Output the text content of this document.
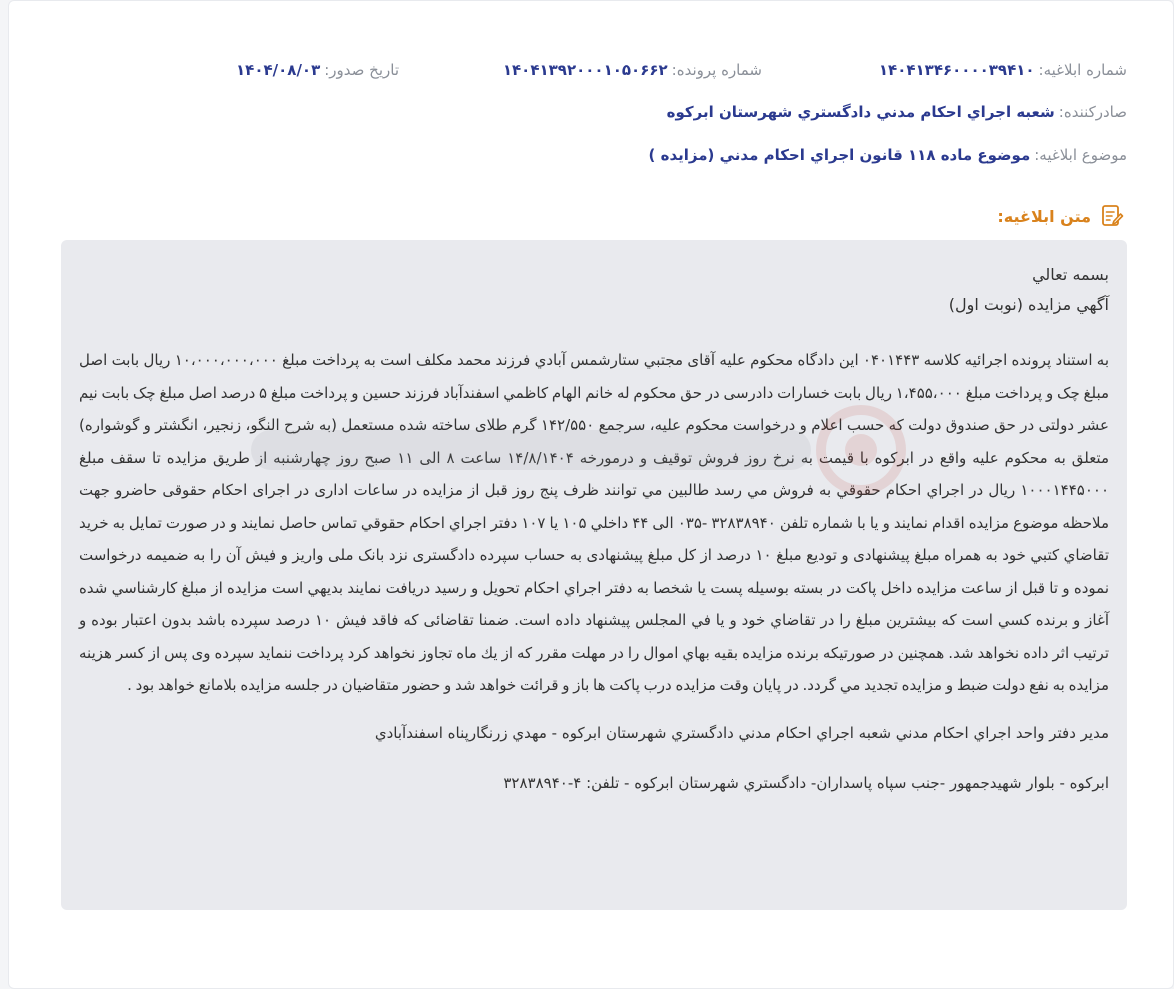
شماره ابلاغيه:
۱۴۰۴۱۳۴۶۰۰۰۰۳۹۴۱۰
شماره پرونده:
۱۴۰۴۱۳۹۲۰۰۰۱۰۵۰۶۶۲
تاريخ صدور:
۱۴۰۴/۰۸/۰۳
صادرکننده:
شعبه اجراي احکام مدني دادگستري شهرستان ابرکوه
موضوع ابلاغيه:
موضوع ماده ۱۱۸ قانون اجراي احکام مدني (مزايده )
متن ابلاغيه:
بسمه تعالي
آگهي مزايده (نوبت اول)
به استناد پرونده اجرائيه کلاسه ۰۴۰۱۴۴۳ اين دادگاه محکوم عليه آقای مجتبي ستارشمس آبادي فرزند محمد مکلف است به پرداخت مبلغ ۱۰،۰۰۰،۰۰۰،۰۰۰ ريال بابت اصل مبلغ چک و پرداخت مبلغ ۱،۴۵۵،۰۰۰ ريال بابت خسارات دادرسی در حق محکوم له خانم الهام کاظمي اسفندآباد فرزند حسين و پرداخت مبلغ ۵ درصد اصل مبلغ چک بابت نیم عشر دولتی در حق صندوق دولت که حسب اعلام و درخواست محکوم عليه، سرجمع ۱۴۲/۵۵۰ گرم طلای ساخته شده مستعمل (به شرح النگو، زنجير، انگشتر و گوشواره) متعلق به محکوم عليه واقع در ابرکوه با قيمت به نرخ روز فروش توقيف و درمورخه ۱۴/۸/۱۴۰۴ ساعت ۸ الی ۱۱ صبح روز چهارشنبه از طريق مزايده تا سقف مبلغ ۱۰۰۰۱۴۴۵۰۰۰ ريال در اجراي احکام حقوقي به فروش مي رسد طالبين مي توانند ظرف پنج روز قبل از مزايده در ساعات اداری در اجرای احکام حقوقی حاضرو جهت ملاحظه موضوع مزايده اقدام نمايند و يا با شماره تلفن ۳۲۸۳۸۹۴۰ -۰۳۵ الی ۴۴ داخلي ۱۰۵ يا ۱۰۷ دفتر اجراي احکام حقوقي تماس حاصل نمايند و در صورت تمايل به خريد تقاضاي کتبي خود به همراه مبلغ پيشنهادی و توديع مبلغ ۱۰ درصد از کل مبلغ پيشنهادی به حساب سپرده دادگستری نزد بانک ملی واريز و فيش آن را به ضميمه درخواست نموده و تا قبل از ساعت مزايده داخل پاکت در بسته بوسيله پست يا شخصا به دفتر اجراي احکام تحويل و رسيد دريافت نمايند بديهي است مزايده از مبلغ کارشناسي شده آغاز و برنده کسي است که بيشترين مبلغ را در تقاضاي خود و يا في المجلس پيشنهاد داده است. ضمنا تقاضائی که فاقد فيش ۱۰ درصد سپرده باشد بدون اعتبار بوده و ترتيب اثر داده نخواهد شد. همچنين در صورتيکه برنده مزايده بقيه بهاي اموال را در مهلت مقرر که از يك ماه تجاوز نخواهد کرد پرداخت ننمايد سپرده وی پس از کسر هزينه مزايده به نفع دولت ضبط و مزايده تجديد مي گردد. در پايان وقت مزايده درب پاکت ها باز و قرائت خواهد شد و حضور متقاضيان در جلسه مزايده بلامانع خواهد بود .
مدير دفتر واحد اجراي احکام مدني شعبه اجراي احکام مدني دادگستري شهرستان ابرکوه - مهدي زرنگارپناه اسفندآبادي
ابرکوه - بلوار شهيدجمهور -جنب سپاه پاسداران- دادگستري شهرستان ابرکوه - تلفن: ۴-۳۲۸۳۸۹۴۰
